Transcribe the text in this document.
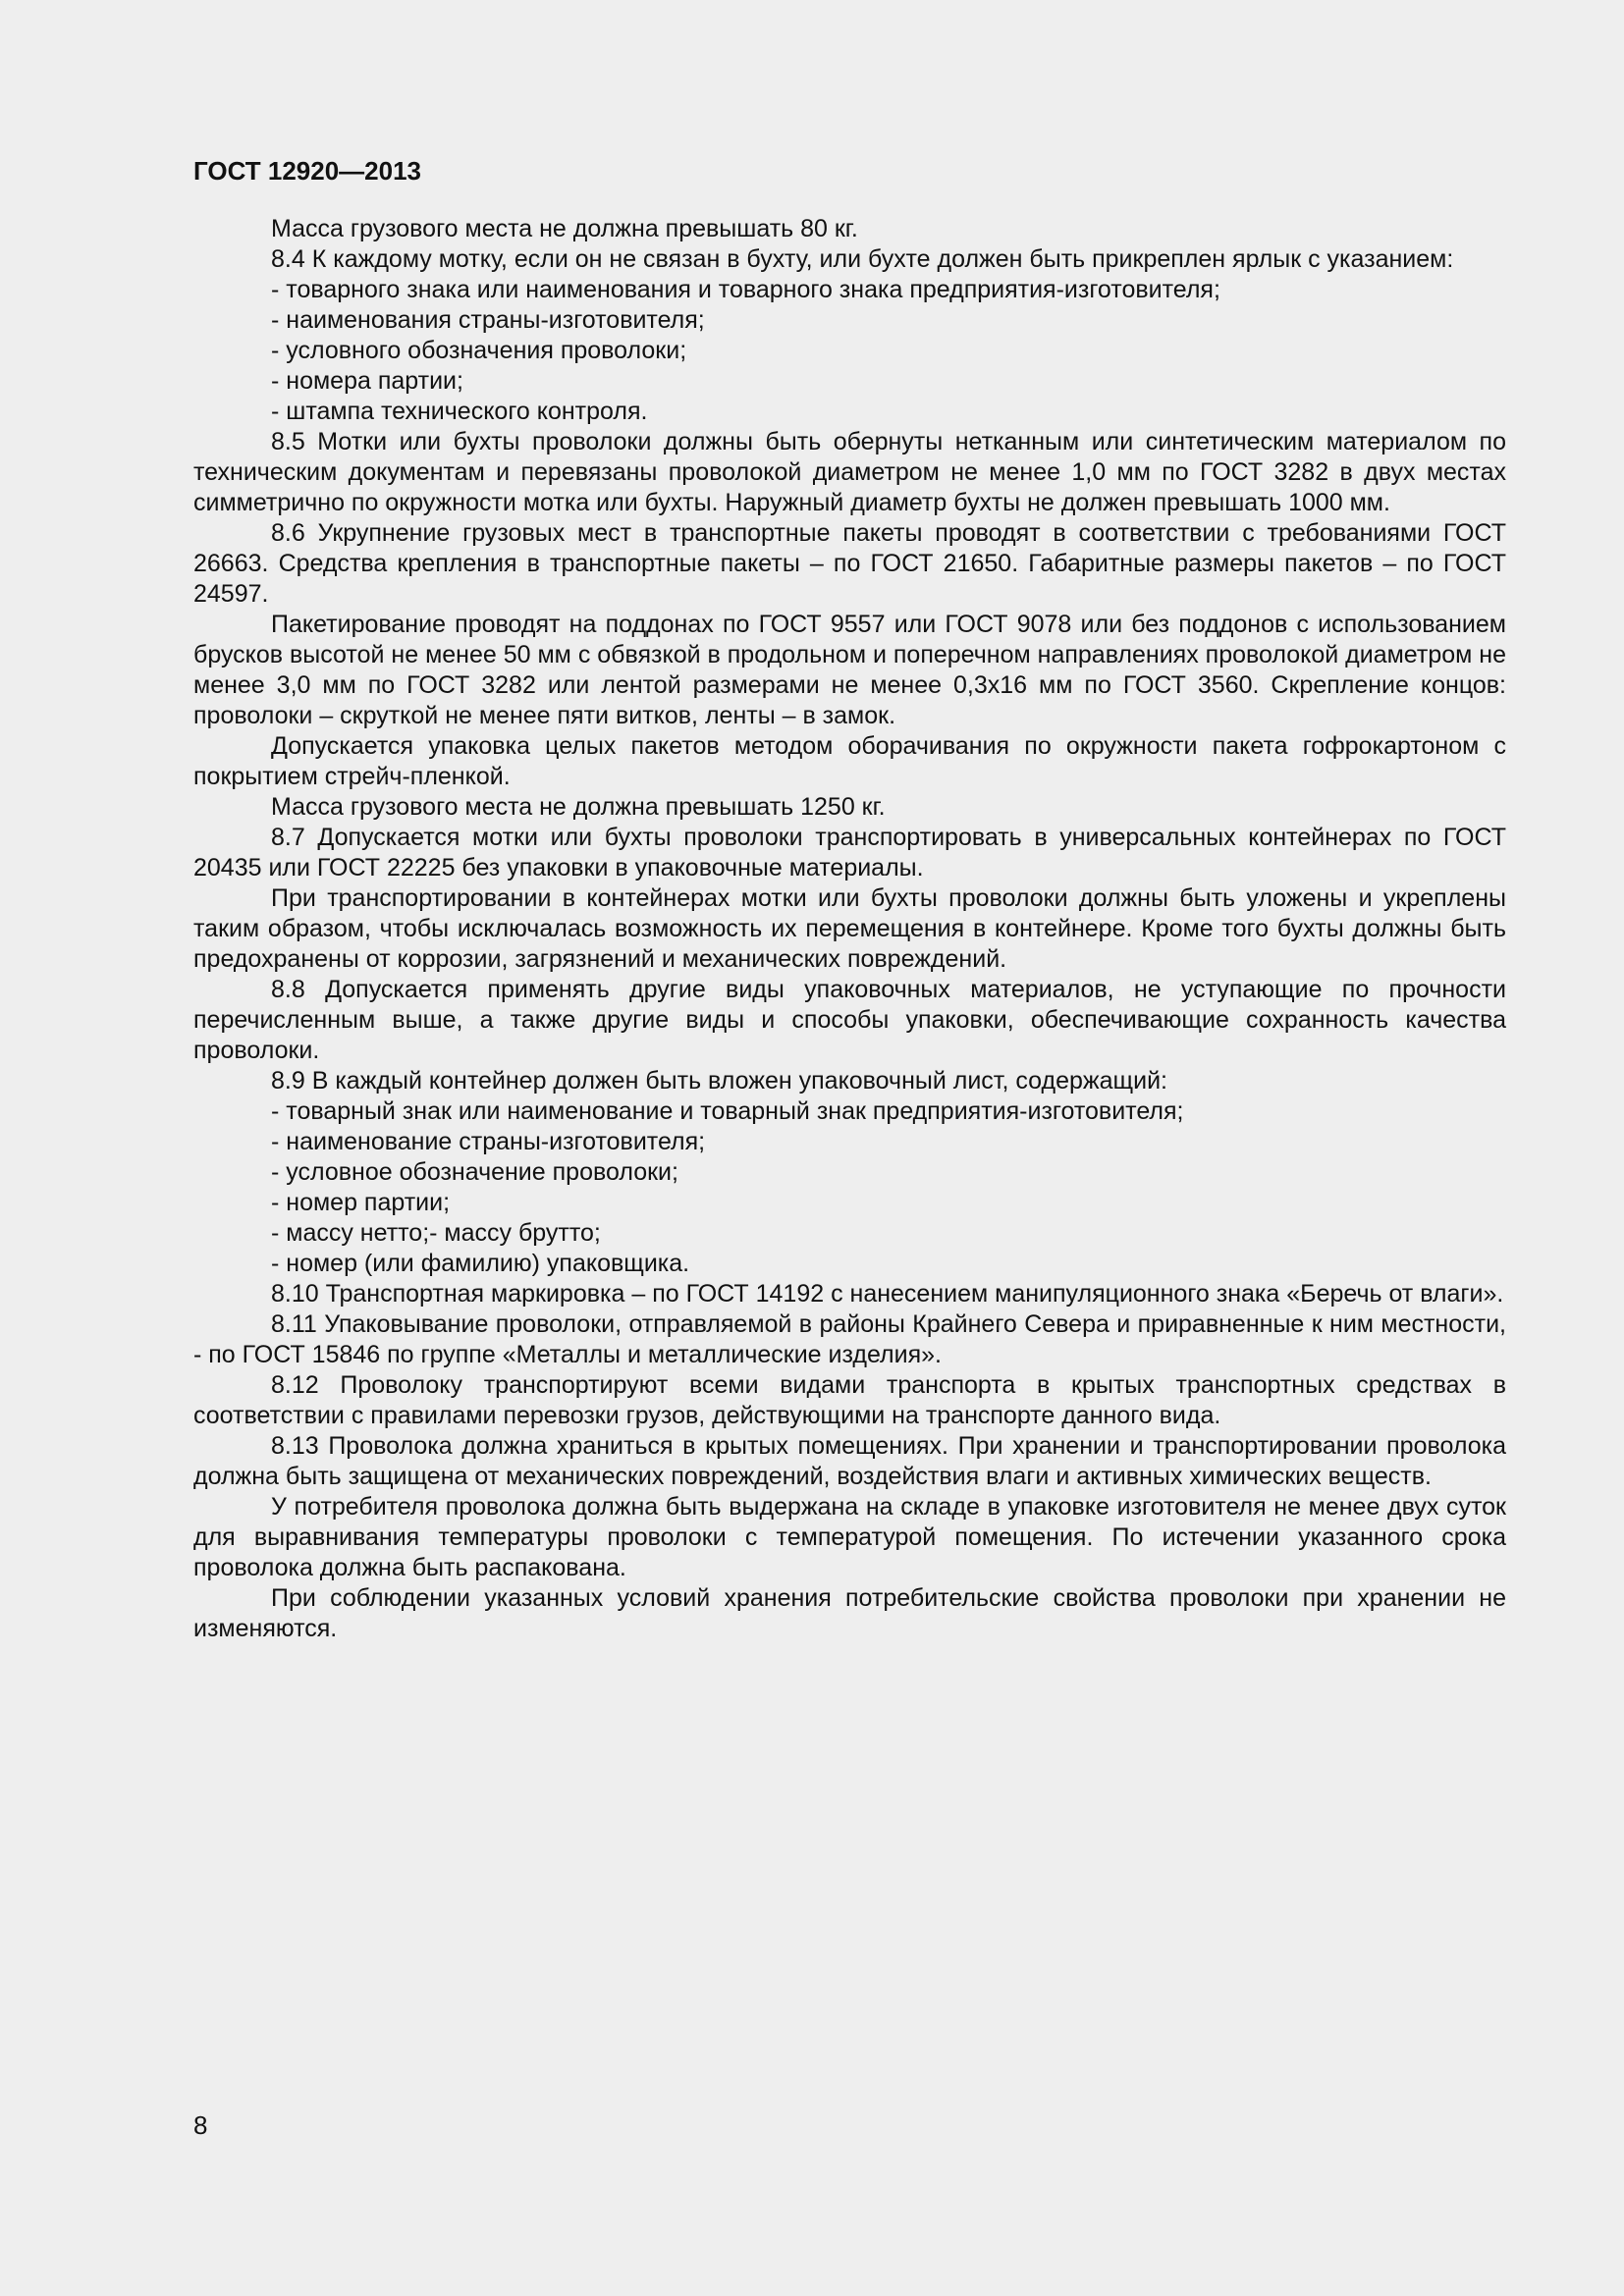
ГОСТ 12920—2013

Масса грузового места не должна превышать 80 кг.

8.4 К каждому мотку, если он не связан в бухту, или бухте должен быть прикреплен ярлык с указанием:

- товарного знака или наименования и товарного знака предприятия-изготовителя;

- наименования страны-изготовителя;

- условного обозначения проволоки;

- номера партии;

- штампа технического контроля.

8.5 Мотки или бухты проволоки должны быть обернуты нетканным или синтетическим материалом по техническим документам и перевязаны проволокой диаметром не менее 1,0 мм по ГОСТ 3282 в двух местах симметрично по окружности мотка или бухты. Наружный диаметр бухты не должен превышать 1000 мм.

8.6 Укрупнение грузовых мест в транспортные пакеты проводят в соответствии с требованиями ГОСТ 26663. Средства крепления в транспортные пакеты – по ГОСТ 21650. Габаритные размеры пакетов – по ГОСТ 24597.

Пакетирование проводят на поддонах по ГОСТ 9557 или ГОСТ 9078 или без поддонов с использованием брусков высотой не менее 50 мм с обвязкой в продольном и поперечном направлениях проволокой диаметром не менее 3,0 мм по ГОСТ 3282 или лентой размерами не менее 0,3х16 мм по ГОСТ 3560. Скрепление концов: проволоки – скруткой не менее пяти витков, ленты – в замок.

Допускается упаковка целых пакетов методом оборачивания по окружности пакета гофрокартоном с покрытием стрейч-пленкой.

Масса грузового места не должна превышать 1250 кг.

8.7 Допускается мотки или бухты проволоки транспортировать в универсальных контейнерах по ГОСТ 20435 или ГОСТ 22225 без упаковки в упаковочные материалы.

При транспортировании в контейнерах мотки или бухты проволоки должны быть уложены и укреплены таким образом, чтобы исключалась возможность их перемещения в контейнере. Кроме того бухты должны быть предохранены от коррозии, загрязнений и механических повреждений.

8.8 Допускается применять другие виды упаковочных материалов, не уступающие по прочности перечисленным выше, а также другие виды и способы упаковки, обеспечивающие сохранность качества проволоки.

8.9 В каждый контейнер должен быть вложен упаковочный лист, содержащий:

- товарный знак или наименование и товарный знак предприятия-изготовителя;

- наименование страны-изготовителя;

- условное обозначение проволоки;

- номер партии;

- массу нетто;- массу брутто;

- номер (или фамилию) упаковщика.

8.10 Транспортная маркировка – по ГОСТ 14192 с нанесением манипуляционного знака «Беречь от влаги».

8.11 Упаковывание проволоки, отправляемой в районы Крайнего Севера и приравненные к ним местности, - по ГОСТ 15846 по группе «Металлы и металлические изделия».

8.12 Проволоку транспортируют всеми видами транспорта в крытых транспортных средствах в соответствии с правилами перевозки грузов, действующими на транспорте данного вида.

8.13 Проволока должна храниться в крытых помещениях. При хранении и транспортировании проволока должна быть защищена от механических повреждений, воздействия влаги и активных химических веществ.

У потребителя проволока должна быть выдержана на складе в упаковке изготовителя не менее двух суток для выравнивания температуры проволоки с температурой помещения. По истечении указанного срока проволока должна быть распакована.

При соблюдении указанных условий хранения потребительские свойства проволоки при хранении не изменяются.

8
